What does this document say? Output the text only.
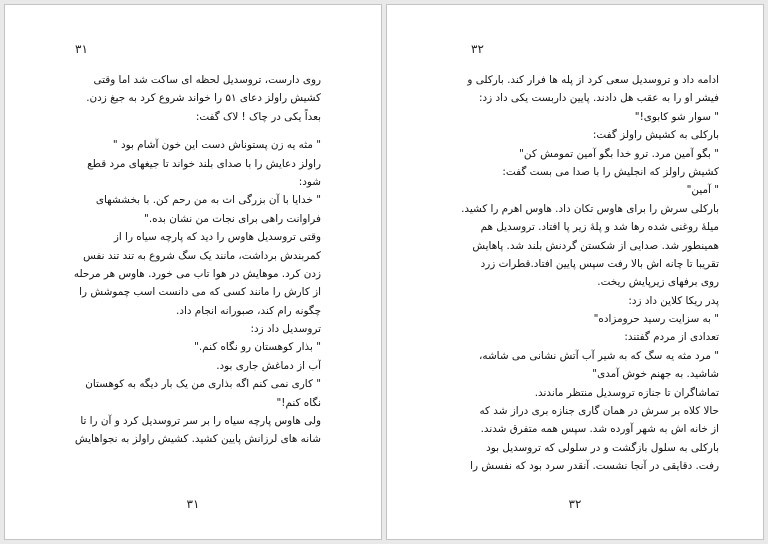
۳۱
روی دارست، تروسدیل لحظه ای ساکت شد اما وقتی
کشیش راولز دعای ۵۱ را خواند شروع کرد به جیغ زدن.
بعداً یکی در چاک ! لاک گفت:
" مثه یه زن پستوناش دست این خون آشام بود "
راولز دعایش را با صدای بلند خواند تا جیغهای مرد قطع
شود:
" خدایا با آن بزرگی ات به من رحم کن. با بخششهای
فراوانت راهی برای نجات من نشان بده."
وقتی تروسدیل هاوس را دید که پارچه سیاه را از
کمربندش برداشت، مانند یک سگ شروع به تند تند نفس
زدن کرد. موهایش در هوا تاب می خورد. هاوس هر مرحله
از کارش را مانند کسی که می دانست اسب چموشش را
چگونه رام کند، صبورانه انجام داد.
تروسدیل داد زد:
" بذار کوهستان رو نگاه کنم."
آب از دماغش جاری بود.
" کاری نمی کنم اگه بذاری من یک بار دیگه به کوهستان
نگاه کنم!"
ولی هاوس پارچه سیاه را بر سر تروسدیل کرد و آن را تا
شانه های لرزانش پایین کشید. کشیش راولز به نجواهایش
۳۱
۳۲
ادامه داد و تروسدیل سعی کرد از پله ها فرار کند. بارکلی و
فیشر او را به عقب هل دادند. پایین داربست یکی داد زد:
" سوار شو کابوی!"
بارکلی به کشیش راولز گفت:
" بگو آمین مرد. ترو خدا بگو آمین تمومش کن"
کشیش راولز که انجلیش را با صدا می بست گفت:
" آمین"
بارکلی سرش را برای هاوس تکان داد. هاوس اهرم را کشید.
میلهٔ روغنی شده رها شد و پلهٔ زیر پا افتاد. تروسدیل هم
همینطور شد. صدایی از شکستن گردنش بلند شد. پاهایش
تقریبا تا چانه اش بالا رفت سپس پایین افتاد.قطرات زرد
روی برفهای زیرپایش ریخت.
پدر ریکا کلاین داد زد:
" به سزایت رسید حرومزاده"
تعدادی از مردم گفتند:
" مرد مثه یه سگ که به شیر آب آتش نشانی می شاشه،
شاشید. به جهنم خوش آمدی"
تماشاگران تا جنازه تروسدیل منتظر ماندند.
حالا کلاه بر سرش در همان گاری جنازه بری دراز شد که
از خانه اش به شهر آورده شد. سپس همه متفرق شدند.
بارکلی به سلول بازگشت و در سلولی که تروسدیل بود
رفت. دقایقی در آنجا نشست. آنقدر سرد بود که نفسش را
۳۲
